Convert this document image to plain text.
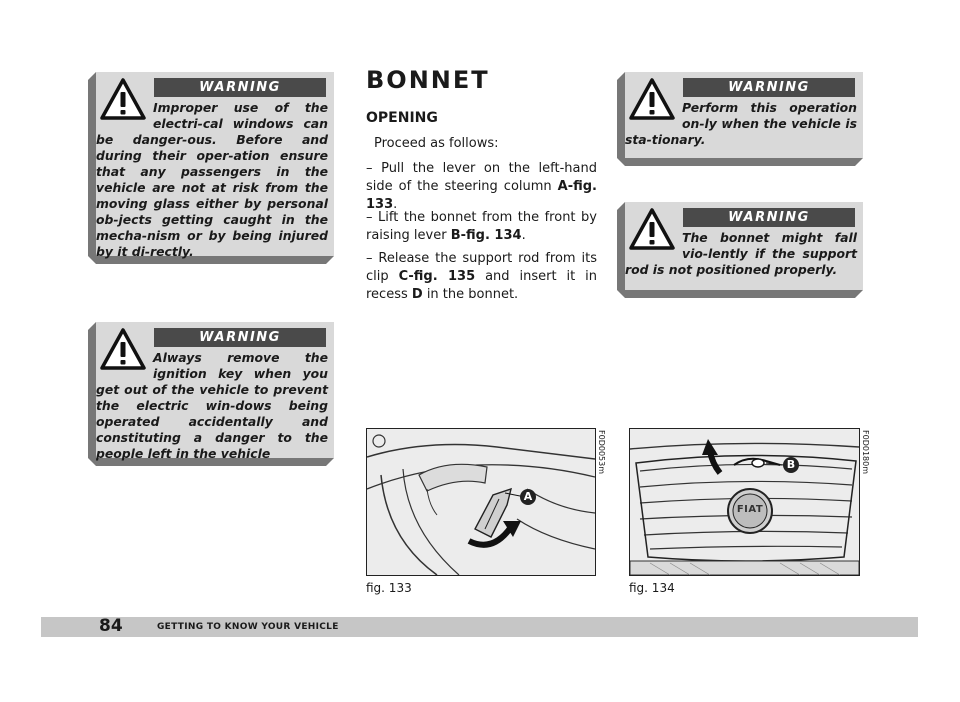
WARNING

Improper use of the electri-cal windows can be danger-ous. Before and during their oper-ation ensure that any passengers in the vehicle are not at risk from the moving glass either by personal ob-jects getting caught in the mecha-nism or by being injured by it di-rectly.

WARNING

Always remove the ignition key when you get out of the vehicle to prevent the electric win-dows being operated accidentally and constituting a danger to the people left in the vehicle

WARNING

Perform this operation on-ly when the vehicle is sta-tionary.

WARNING

The bonnet might fall vio-lently if the support rod is not positioned properly.

BONNET
OPENING

Proceed as follows:

– Pull the lever on the left-hand side of the steering column A-fig. 133.

– Lift the bonnet from the front by raising lever B-fig. 134.

– Release the support rod from its clip C-fig. 135 and insert it in recess D in the bonnet.

A
F0D0053m
fig. 133
FIAT
B	F0D0180m
fig. 134
84	GETTING TO KNOW YOUR VEHICLE
